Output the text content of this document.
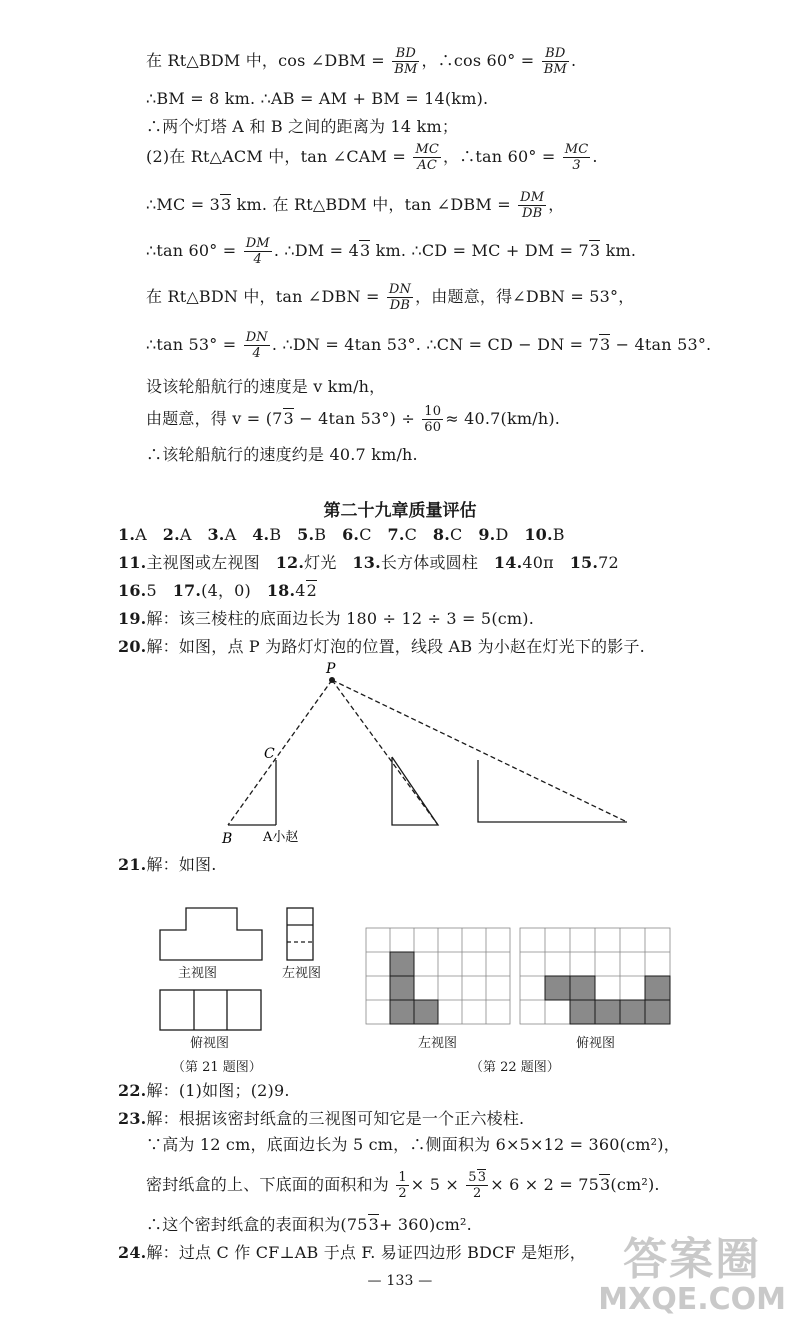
在 Rt△BDM 中，cos ∠DBM = $\frac{BD}{BM}$ ，∴cos $60^\circ = \frac{BD}{BM}$ .
∴BM = 8 km. ∴AB = AM + BM = 14(km).
∴两个灯塔 A 和 B 之间的距离为 14 km；
(2)在 Rt△ACM 中，tan ∠CAM = $\frac{MC}{AC}$ ，∴tan $60^\circ = \frac{MC}{3}$ .
∴MC = 33 km. 在 Rt△BDM 中，tan ∠DBM = $\frac{DM}{DB}$ ，
∴tan $60^\circ = \frac{DM}{4}$ . ∴DM = 43 km. ∴CD = MC + DM = 73 km.
在 Rt△BDN 中，tan ∠DBN = $\frac{DN}{DB}$ ，由题意，得∠DBN = 53°，
∴tan $53^\circ = \frac{DN}{4}$ . ∴DN = 4tan 53°. ∴CN = CD − DN = 73 − 4tan 53°.
设该轮船航行的速度是 v km/h，
由题意，得 v = (73 − 4tan $53^\circ) \div \frac{10}{60} \approx 40.7(km/h)$.
∴该轮船航行的速度约是 40.7 km/h.
第二十九章质量评估
1.A 2.A 3.A 4.B 5.B 6.C 7.C 8.C 9.D 10.B
11.主视图或左视图 12.灯光 13.长方体或圆柱 14.40π 15.72
16.5 17.(4，0) 18.42
19.解：该三棱柱的底面边长为 180 ÷ 12 ÷ 3 = 5(cm).
20.解：如图，点 P 为路灯灯泡的位置，线段 AB 为小赵在灯光下的影子.
P
C
B A小赵
21.解：如图.
主视图	左视图
俯视图
（第 21 题图）
左视图	俯视图
（第 22 题图）
22.解：(1)如图；(2)9.
23.解：根据该密封纸盒的三视图可知它是一个正六棱柱.
∵高为 12 cm，底面边长为 5 cm，∴侧面积为 6×5×12 = 360(cm²)，
密封纸盒的上、下底面的面积和为 $\frac{1}{2} \times 5 \times \frac{53}{2} \times 6 \times 2 = 753(cm^2)$.
∴这个密封纸盒的表面积为(753+ 360)cm².
24.解：过点 C 作 CF⊥AB 于点 F. 易证四边形 BDCF 是矩形，
— 133 —	答案圈
MXQE.COM
